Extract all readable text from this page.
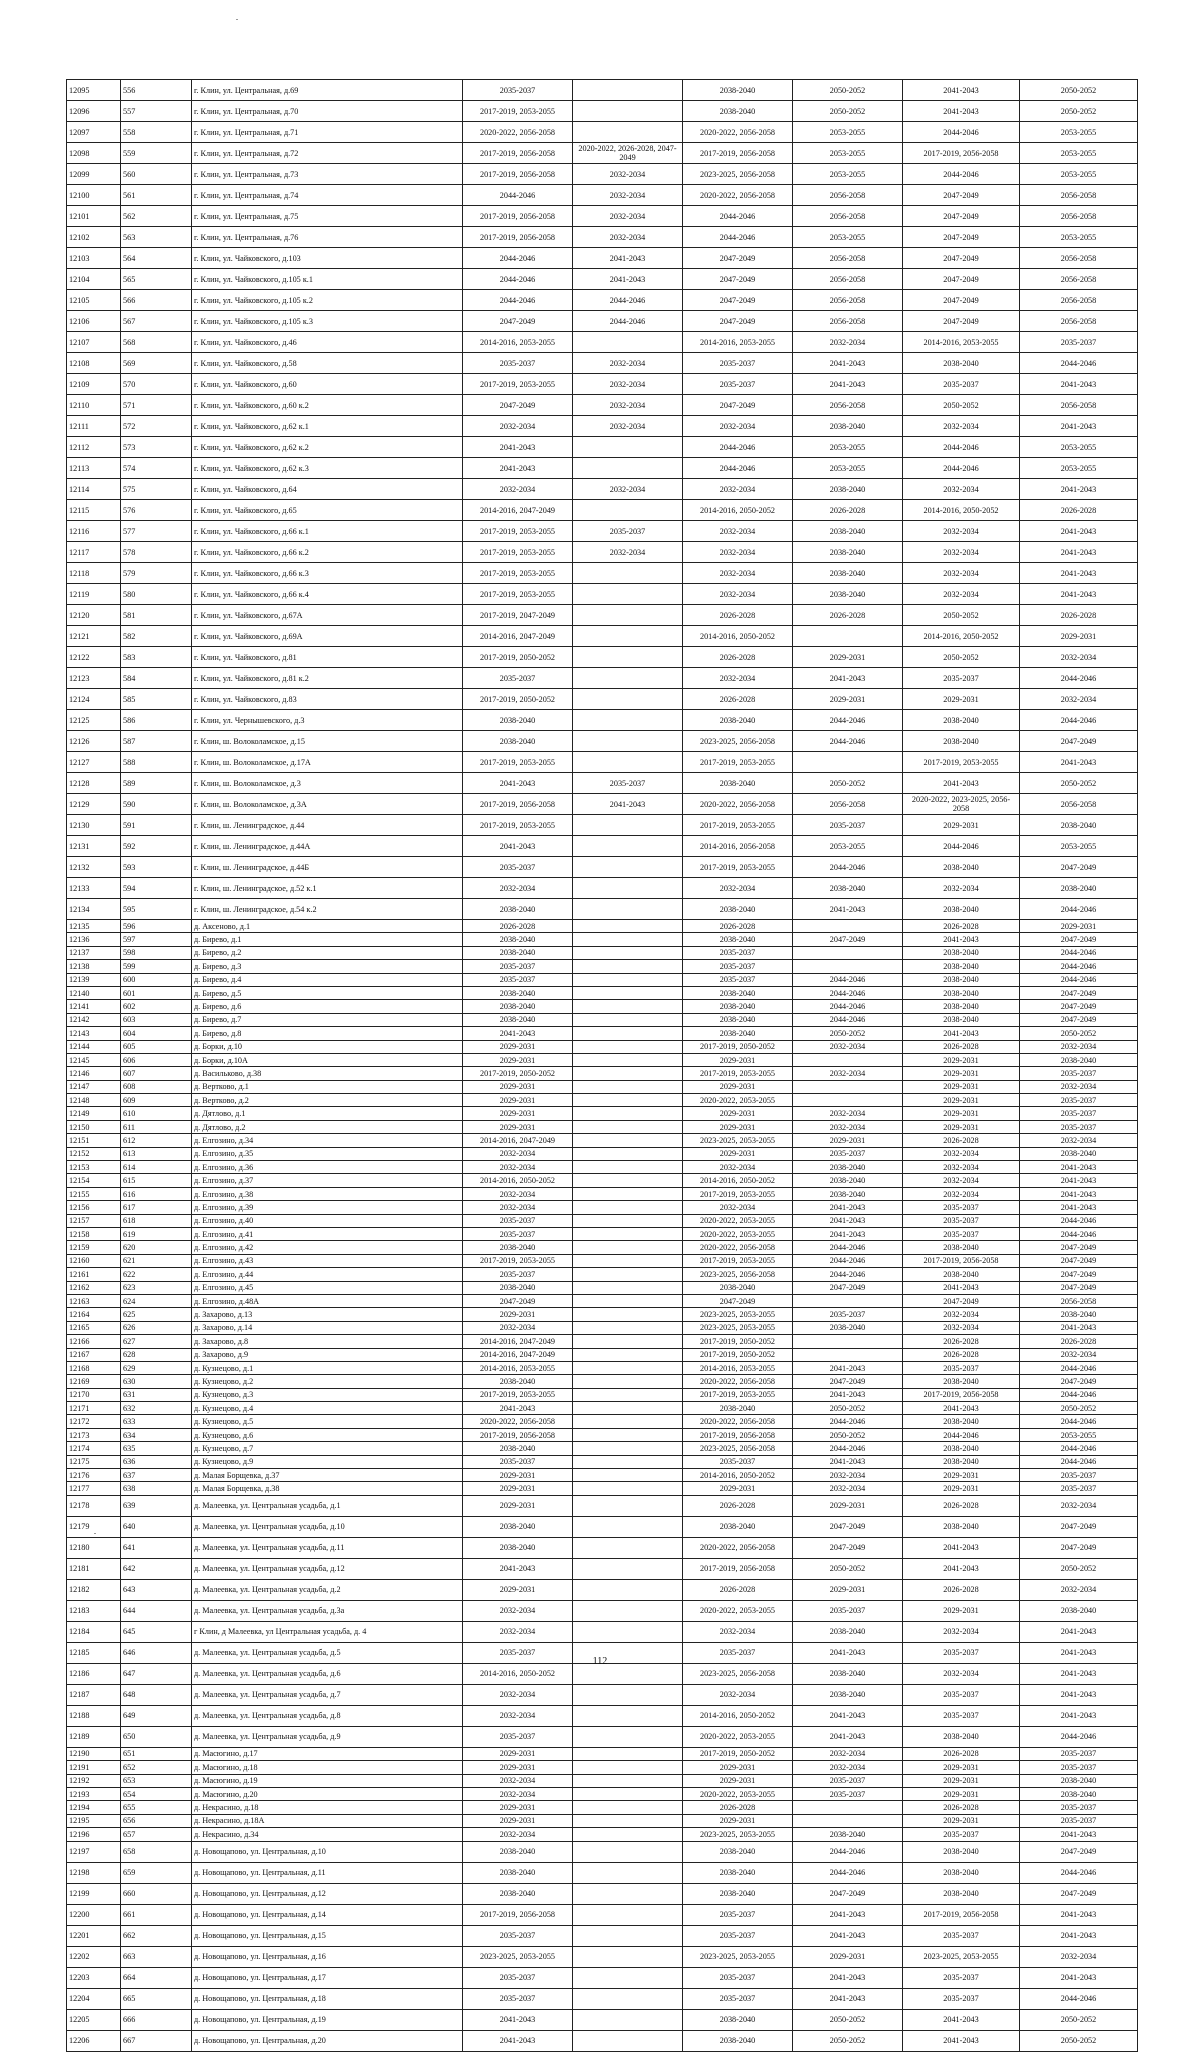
12095	556	г. Клин, ул. Центральная, д.69	2035-2037		2038-2040	2050-2052	2041-2043	2050-2052
12096	557	г. Клин, ул. Центральная, д.70	2017-2019, 2053-2055		2038-2040	2050-2052	2041-2043	2050-2052
12097	558	г. Клин, ул. Центральная, д.71	2020-2022, 2056-2058		2020-2022, 2056-2058	2053-2055	2044-2046	2053-2055
12098	559	г. Клин, ул. Центральная, д.72	2017-2019, 2056-2058	2020-2022, 2026-2028, 2047-2049	2017-2019, 2056-2058	2053-2055	2017-2019, 2056-2058	2053-2055
12099	560	г. Клин, ул. Центральная, д.73	2017-2019, 2056-2058	2032-2034	2023-2025, 2056-2058	2053-2055	2044-2046	2053-2055
12100	561	г. Клин, ул. Центральная, д.74	2044-2046	2032-2034	2020-2022, 2056-2058	2056-2058	2047-2049	2056-2058
12101	562	г. Клин, ул. Центральная, д.75	2017-2019, 2056-2058	2032-2034	2044-2046	2056-2058	2047-2049	2056-2058
12102	563	г. Клин, ул. Центральная, д.76	2017-2019, 2056-2058	2032-2034	2044-2046	2053-2055	2047-2049	2053-2055
12103	564	г. Клин, ул. Чайковского, д.103	2044-2046	2041-2043	2047-2049	2056-2058	2047-2049	2056-2058
12104	565	г. Клин, ул. Чайковского, д.105 к.1	2044-2046	2041-2043	2047-2049	2056-2058	2047-2049	2056-2058
12105	566	г. Клин, ул. Чайковского, д.105 к.2	2044-2046	2044-2046	2047-2049	2056-2058	2047-2049	2056-2058
12106	567	г. Клин, ул. Чайковского, д.105 к.3	2047-2049	2044-2046	2047-2049	2056-2058	2047-2049	2056-2058
12107	568	г. Клин, ул. Чайковского, д.46	2014-2016, 2053-2055		2014-2016, 2053-2055	2032-2034	2014-2016, 2053-2055	2035-2037
12108	569	г. Клин, ул. Чайковского, д.58	2035-2037	2032-2034	2035-2037	2041-2043	2038-2040	2044-2046
12109	570	г. Клин, ул. Чайковского, д.60	2017-2019, 2053-2055	2032-2034	2035-2037	2041-2043	2035-2037	2041-2043
12110	571	г. Клин, ул. Чайковского, д.60 к.2	2047-2049	2032-2034	2047-2049	2056-2058	2050-2052	2056-2058
12111	572	г. Клин, ул. Чайковского, д.62 к.1	2032-2034	2032-2034	2032-2034	2038-2040	2032-2034	2041-2043
12112	573	г. Клин, ул. Чайковского, д.62 к.2	2041-2043		2044-2046	2053-2055	2044-2046	2053-2055
12113	574	г. Клин, ул. Чайковского, д.62 к.3	2041-2043		2044-2046	2053-2055	2044-2046	2053-2055
12114	575	г. Клин, ул. Чайковского, д.64	2032-2034	2032-2034	2032-2034	2038-2040	2032-2034	2041-2043
12115	576	г. Клин, ул. Чайковского, д.65	2014-2016, 2047-2049		2014-2016, 2050-2052	2026-2028	2014-2016, 2050-2052	2026-2028
12116	577	г. Клин, ул. Чайковского, д.66 к.1	2017-2019, 2053-2055	2035-2037	2032-2034	2038-2040	2032-2034	2041-2043
12117	578	г. Клин, ул. Чайковского, д.66 к.2	2017-2019, 2053-2055	2032-2034	2032-2034	2038-2040	2032-2034	2041-2043
12118	579	г. Клин, ул. Чайковского, д.66 к.3	2017-2019, 2053-2055		2032-2034	2038-2040	2032-2034	2041-2043
12119	580	г. Клин, ул. Чайковского, д.66 к.4	2017-2019, 2053-2055		2032-2034	2038-2040	2032-2034	2041-2043
12120	581	г. Клин, ул. Чайковского, д.67А	2017-2019, 2047-2049		2026-2028	2026-2028	2050-2052	2026-2028
12121	582	г. Клин, ул. Чайковского, д.69А	2014-2016, 2047-2049		2014-2016, 2050-2052		2014-2016, 2050-2052	2029-2031
12122	583	г. Клин, ул. Чайковского, д.81	2017-2019, 2050-2052		2026-2028	2029-2031	2050-2052	2032-2034
12123	584	г. Клин, ул. Чайковского, д.81 к.2	2035-2037		2032-2034	2041-2043	2035-2037	2044-2046
12124	585	г. Клин, ул. Чайковского, д.83	2017-2019, 2050-2052		2026-2028	2029-2031	2029-2031	2032-2034
12125	586	г. Клин, ул. Чернышевского, д.3	2038-2040		2038-2040	2044-2046	2038-2040	2044-2046
12126	587	г. Клин, ш. Волоколамское, д.15	2038-2040		2023-2025, 2056-2058	2044-2046	2038-2040	2047-2049
12127	588	г. Клин, ш. Волоколамское, д.17А	2017-2019, 2053-2055		2017-2019, 2053-2055		2017-2019, 2053-2055	2041-2043
12128	589	г. Клин, ш. Волоколамское, д.3	2041-2043	2035-2037	2038-2040	2050-2052	2041-2043	2050-2052
12129	590	г. Клин, ш. Волоколамское, д.3А	2017-2019, 2056-2058	2041-2043	2020-2022, 2056-2058	2056-2058	2020-2022, 2023-2025, 2056-2058	2056-2058
12130	591	г. Клин, ш. Ленинградское, д.44	2017-2019, 2053-2055		2017-2019, 2053-2055	2035-2037	2029-2031	2038-2040
12131	592	г. Клин, ш. Ленинградское, д.44А	2041-2043		2014-2016, 2056-2058	2053-2055	2044-2046	2053-2055
12132	593	г. Клин, ш. Ленинградское, д.44Б	2035-2037		2017-2019, 2053-2055	2044-2046	2038-2040	2047-2049
12133	594	г. Клин, ш. Ленинградское, д.52 к.1	2032-2034		2032-2034	2038-2040	2032-2034	2038-2040
12134	595	г. Клин, ш. Ленинградское, д.54 к.2	2038-2040		2038-2040	2041-2043	2038-2040	2044-2046
12135	596	д. Аксеново, д.1	2026-2028		2026-2028		2026-2028	2029-2031
12136	597	д. Бирево, д.1	2038-2040		2038-2040	2047-2049	2041-2043	2047-2049
12137	598	д. Бирево, д.2	2038-2040		2035-2037		2038-2040	2044-2046
12138	599	д. Бирево, д.3	2035-2037		2035-2037		2038-2040	2044-2046
12139	600	д. Бирево, д.4	2035-2037		2035-2037	2044-2046	2038-2040	2044-2046
12140	601	д. Бирево, д.5	2038-2040		2038-2040	2044-2046	2038-2040	2047-2049
12141	602	д. Бирево, д.6	2038-2040		2038-2040	2044-2046	2038-2040	2047-2049
12142	603	д. Бирево, д.7	2038-2040		2038-2040	2044-2046	2038-2040	2047-2049
12143	604	д. Бирево, д.8	2041-2043		2038-2040	2050-2052	2041-2043	2050-2052
12144	605	д. Борки, д.10	2029-2031		2017-2019, 2050-2052	2032-2034	2026-2028	2032-2034
12145	606	д. Борки, д.10А	2029-2031		2029-2031		2029-2031	2038-2040
12146	607	д. Васильково, д.38	2017-2019, 2050-2052		2017-2019, 2053-2055	2032-2034	2029-2031	2035-2037
12147	608	д. Вертково, д.1	2029-2031		2029-2031		2029-2031	2032-2034
12148	609	д. Вертково, д.2	2029-2031		2020-2022, 2053-2055		2029-2031	2035-2037
12149	610	д. Дятлово, д.1	2029-2031		2029-2031	2032-2034	2029-2031	2035-2037
12150	611	д. Дятлово, д.2	2029-2031		2029-2031	2032-2034	2029-2031	2035-2037
12151	612	д. Елгозино, д.34	2014-2016, 2047-2049		2023-2025, 2053-2055	2029-2031	2026-2028	2032-2034
12152	613	д. Елгозино, д.35	2032-2034		2029-2031	2035-2037	2032-2034	2038-2040
12153	614	д. Елгозино, д.36	2032-2034		2032-2034	2038-2040	2032-2034	2041-2043
12154	615	д. Елгозино, д.37	2014-2016, 2050-2052		2014-2016, 2050-2052	2038-2040	2032-2034	2041-2043
12155	616	д. Елгозино, д.38	2032-2034		2017-2019, 2053-2055	2038-2040	2032-2034	2041-2043
12156	617	д. Елгозино, д.39	2032-2034		2032-2034	2041-2043	2035-2037	2041-2043
12157	618	д. Елгозино, д.40	2035-2037		2020-2022, 2053-2055	2041-2043	2035-2037	2044-2046
12158	619	д. Елгозино, д.41	2035-2037		2020-2022, 2053-2055	2041-2043	2035-2037	2044-2046
12159	620	д. Елгозино, д.42	2038-2040		2020-2022, 2056-2058	2044-2046	2038-2040	2047-2049
12160	621	д. Елгозино, д.43	2017-2019, 2053-2055		2017-2019, 2053-2055	2044-2046	2017-2019, 2056-2058	2047-2049
12161	622	д. Елгозино, д.44	2035-2037		2023-2025, 2056-2058	2044-2046	2038-2040	2047-2049
12162	623	д. Елгозино, д.45	2038-2040		2038-2040	2047-2049	2041-2043	2047-2049
12163	624	д. Елгозино, д.48А	2047-2049		2047-2049		2047-2049	2056-2058
12164	625	д. Захарово, д.13	2029-2031		2023-2025, 2053-2055	2035-2037	2032-2034	2038-2040
12165	626	д. Захарово, д.14	2032-2034		2023-2025, 2053-2055	2038-2040	2032-2034	2041-2043
12166	627	д. Захарово, д.8	2014-2016, 2047-2049		2017-2019, 2050-2052		2026-2028	2026-2028
12167	628	д. Захарово, д.9	2014-2016, 2047-2049		2017-2019, 2050-2052		2026-2028	2032-2034
12168	629	д. Кузнецово, д.1	2014-2016, 2053-2055		2014-2016, 2053-2055	2041-2043	2035-2037	2044-2046
12169	630	д. Кузнецово, д.2	2038-2040		2020-2022, 2056-2058	2047-2049	2038-2040	2047-2049
12170	631	д. Кузнецово, д.3	2017-2019, 2053-2055		2017-2019, 2053-2055	2041-2043	2017-2019, 2056-2058	2044-2046
12171	632	д. Кузнецово, д.4	2041-2043		2038-2040	2050-2052	2041-2043	2050-2052
12172	633	д. Кузнецово, д.5	2020-2022, 2056-2058		2020-2022, 2056-2058	2044-2046	2038-2040	2044-2046
12173	634	д. Кузнецово, д.6	2017-2019, 2056-2058		2017-2019, 2056-2058	2050-2052	2044-2046	2053-2055
12174	635	д. Кузнецово, д.7	2038-2040		2023-2025, 2056-2058	2044-2046	2038-2040	2044-2046
12175	636	д. Кузнецово, д.9	2035-2037		2035-2037	2041-2043	2038-2040	2044-2046
12176	637	д. Малая Борщевка, д.37	2029-2031		2014-2016, 2050-2052	2032-2034	2029-2031	2035-2037
12177	638	д. Малая Борщевка, д.38	2029-2031		2029-2031	2032-2034	2029-2031	2035-2037
12178	639	д. Малеевка, ул. Центральная усадьба, д.1	2029-2031		2026-2028	2029-2031	2026-2028	2032-2034
12179	640	д. Малеевка, ул. Центральная усадьба, д.10	2038-2040		2038-2040	2047-2049	2038-2040	2047-2049
12180	641	д. Малеевка, ул. Центральная усадьба, д.11	2038-2040		2020-2022, 2056-2058	2047-2049	2041-2043	2047-2049
12181	642	д. Малеевка, ул. Центральная усадьба, д.12	2041-2043		2017-2019, 2056-2058	2050-2052	2041-2043	2050-2052
12182	643	д. Малеевка, ул. Центральная усадьба, д.2	2029-2031		2026-2028	2029-2031	2026-2028	2032-2034
12183	644	д. Малеевка, ул. Центральная усадьба, д.3а	2032-2034		2020-2022, 2053-2055	2035-2037	2029-2031	2038-2040
12184	645	г Клин, д Малеевка, ул Центральная усадьба, д. 4	2032-2034		2032-2034	2038-2040	2032-2034	2041-2043
12185	646	д. Малеевка, ул. Центральная усадьба, д.5	2035-2037		2035-2037	2041-2043	2035-2037	2041-2043
12186	647	д. Малеевка, ул. Центральная усадьба, д.6	2014-2016, 2050-2052		2023-2025, 2056-2058	2038-2040	2032-2034	2041-2043
12187	648	д. Малеевка, ул. Центральная усадьба, д.7	2032-2034		2032-2034	2038-2040	2035-2037	2041-2043
12188	649	д. Малеевка, ул. Центральная усадьба, д.8	2032-2034		2014-2016, 2050-2052	2041-2043	2035-2037	2041-2043
12189	650	д. Малеевка, ул. Центральная усадьба, д.9	2035-2037		2020-2022, 2053-2055	2041-2043	2038-2040	2044-2046
12190	651	д. Масюгино, д.17	2029-2031		2017-2019, 2050-2052	2032-2034	2026-2028	2035-2037
12191	652	д. Масюгино, д.18	2029-2031		2029-2031	2032-2034	2029-2031	2035-2037
12192	653	д. Масюгино, д.19	2032-2034		2029-2031	2035-2037	2029-2031	2038-2040
12193	654	д. Масюгино, д.20	2032-2034		2020-2022, 2053-2055	2035-2037	2029-2031	2038-2040
12194	655	д. Некрасино, д.18	2029-2031		2026-2028		2026-2028	2035-2037
12195	656	д. Некрасино, д.18А	2029-2031		2029-2031		2029-2031	2035-2037
12196	657	д. Некрасино, д.34	2032-2034		2023-2025, 2053-2055	2038-2040	2035-2037	2041-2043
12197	658	д. Новощапово, ул. Центральная, д.10	2038-2040		2038-2040	2044-2046	2038-2040	2047-2049
12198	659	д. Новощапово, ул. Центральная, д.11	2038-2040		2038-2040	2044-2046	2038-2040	2044-2046
12199	660	д. Новощапово, ул. Центральная, д.12	2038-2040		2038-2040	2047-2049	2038-2040	2047-2049
12200	661	д. Новощапово, ул. Центральная, д.14	2017-2019, 2056-2058		2035-2037	2041-2043	2017-2019, 2056-2058	2041-2043
12201	662	д. Новощапово, ул. Центральная, д.15	2035-2037		2035-2037	2041-2043	2035-2037	2041-2043
12202	663	д. Новощапово, ул. Центральная, д.16	2023-2025, 2053-2055		2023-2025, 2053-2055	2029-2031	2023-2025, 2053-2055	2032-2034
12203	664	д. Новощапово, ул. Центральная, д.17	2035-2037		2035-2037	2041-2043	2035-2037	2041-2043
12204	665	д. Новощапово, ул. Центральная, д.18	2035-2037		2035-2037	2041-2043	2035-2037	2044-2046
12205	666	д. Новощапово, ул. Центральная, д.19	2041-2043		2038-2040	2050-2052	2041-2043	2050-2052
12206	667	д. Новощапово, ул. Центральная, д.20	2041-2043		2038-2040	2050-2052	2041-2043	2050-2052
112
